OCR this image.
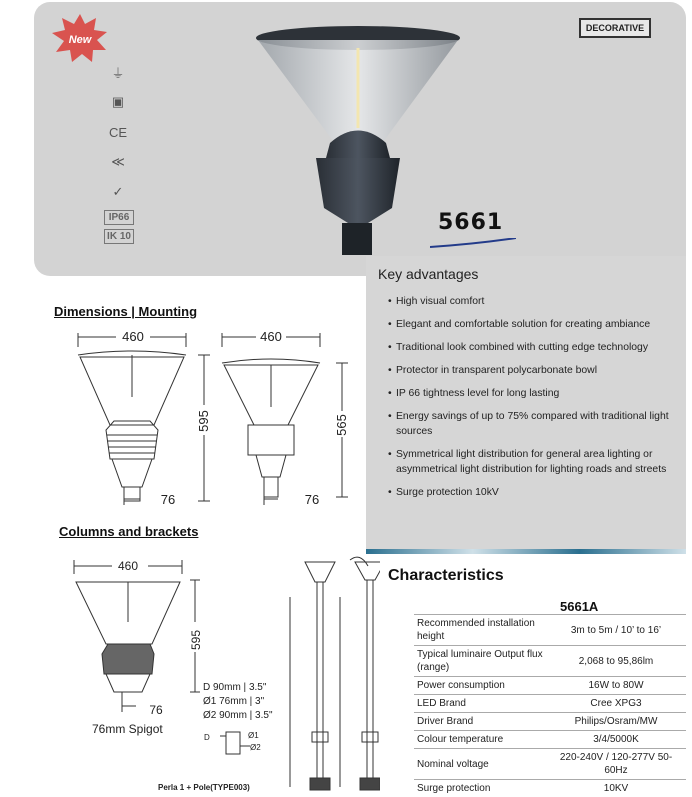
New
⏚
▣
CE
≪
✓
IP66
IK 10
DECORATIVE
5661
Key advantages
• High visual comfort
• Elegant and comfortable solution for creating ambiance
• Traditional look combined with cutting edge technology
• Protector in transparent polycarbonate bowl
• IP 66 tightness level for long lasting
• Energy savings of up to 75% compared with traditional light sources
• Symmetrical light distribution for general area lighting or asymmetrical light distribution for lighting roads and streets
• Surge protection 10kV
Dimensions | Mounting
460
595
76
460
565
76
Columns and brackets
460
595
76
D	Ø1
Ø2
D 90mm | 3.5"
Ø1 76mm | 3"
Ø2 90mm | 3.5"
76mm Spigot
Perla 1 + Pole(TYPE003)
Characteristics
5661A
Recommended installation height	3m to 5m / 10’ to 16’
Typical luminaire Output flux (range)	2,068 to 95,86lm
Power consumption	16W to 80W
LED Brand	Cree XPG3
Driver Brand	Philips/Osram/MW
Colour temperature	3/4/5000K
Nominal voltage	220-240V / 120-277V 50-60Hz
Surge protection	10KV
